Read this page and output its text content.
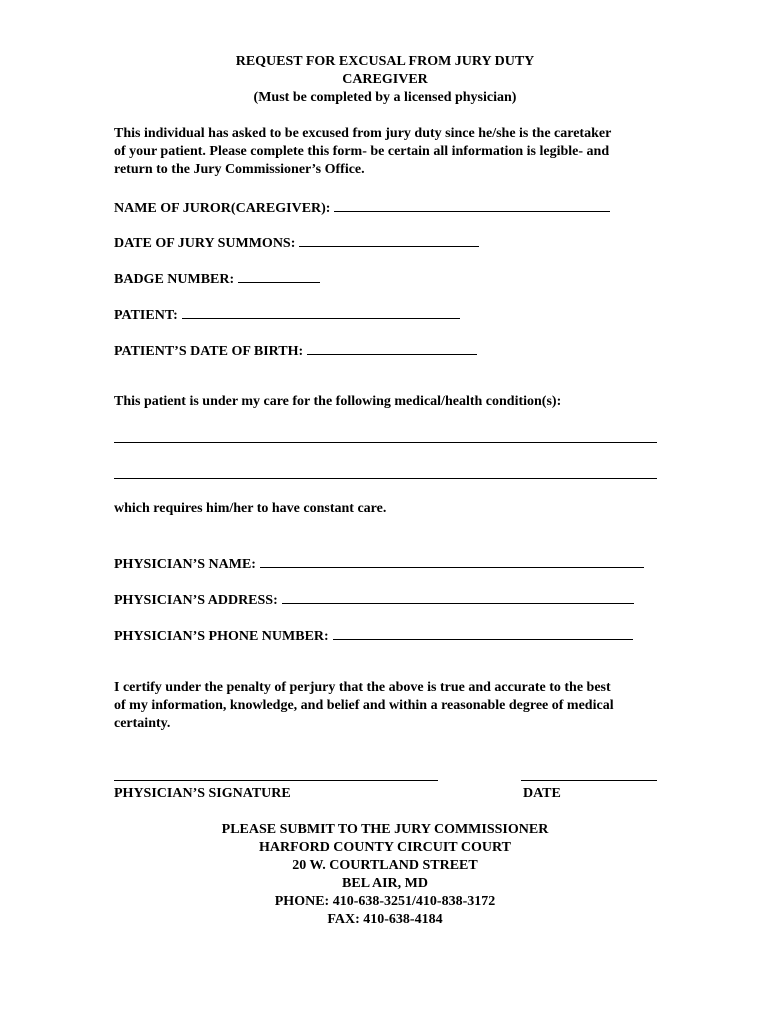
REQUEST FOR EXCUSAL FROM JURY DUTY
CAREGIVER
(Must be completed by a licensed physician)
This individual has asked to be excused from jury duty since he/she is the caretaker
of your patient. Please complete this form- be certain all information is legible- and
return to the Jury Commissioner’s Office.
NAME OF JUROR(CAREGIVER):
DATE OF JURY SUMMONS:
BADGE NUMBER:
PATIENT:
PATIENT’S DATE OF BIRTH:
This patient is under my care for the following medical/health condition(s):
which requires him/her to have constant care.
PHYSICIAN’S NAME:
PHYSICIAN’S ADDRESS:
PHYSICIAN’S PHONE NUMBER:
I certify under the penalty of perjury that the above is true and accurate to the best
of my information, knowledge, and belief and within a reasonable degree of medical
certainty.
PHYSICIAN’S SIGNATURE	DATE
PLEASE SUBMIT TO THE JURY COMMISSIONER
HARFORD COUNTY CIRCUIT COURT
20 W. COURTLAND STREET
BEL AIR, MD
PHONE: 410-638-3251/410-838-3172
FAX: 410-638-4184
